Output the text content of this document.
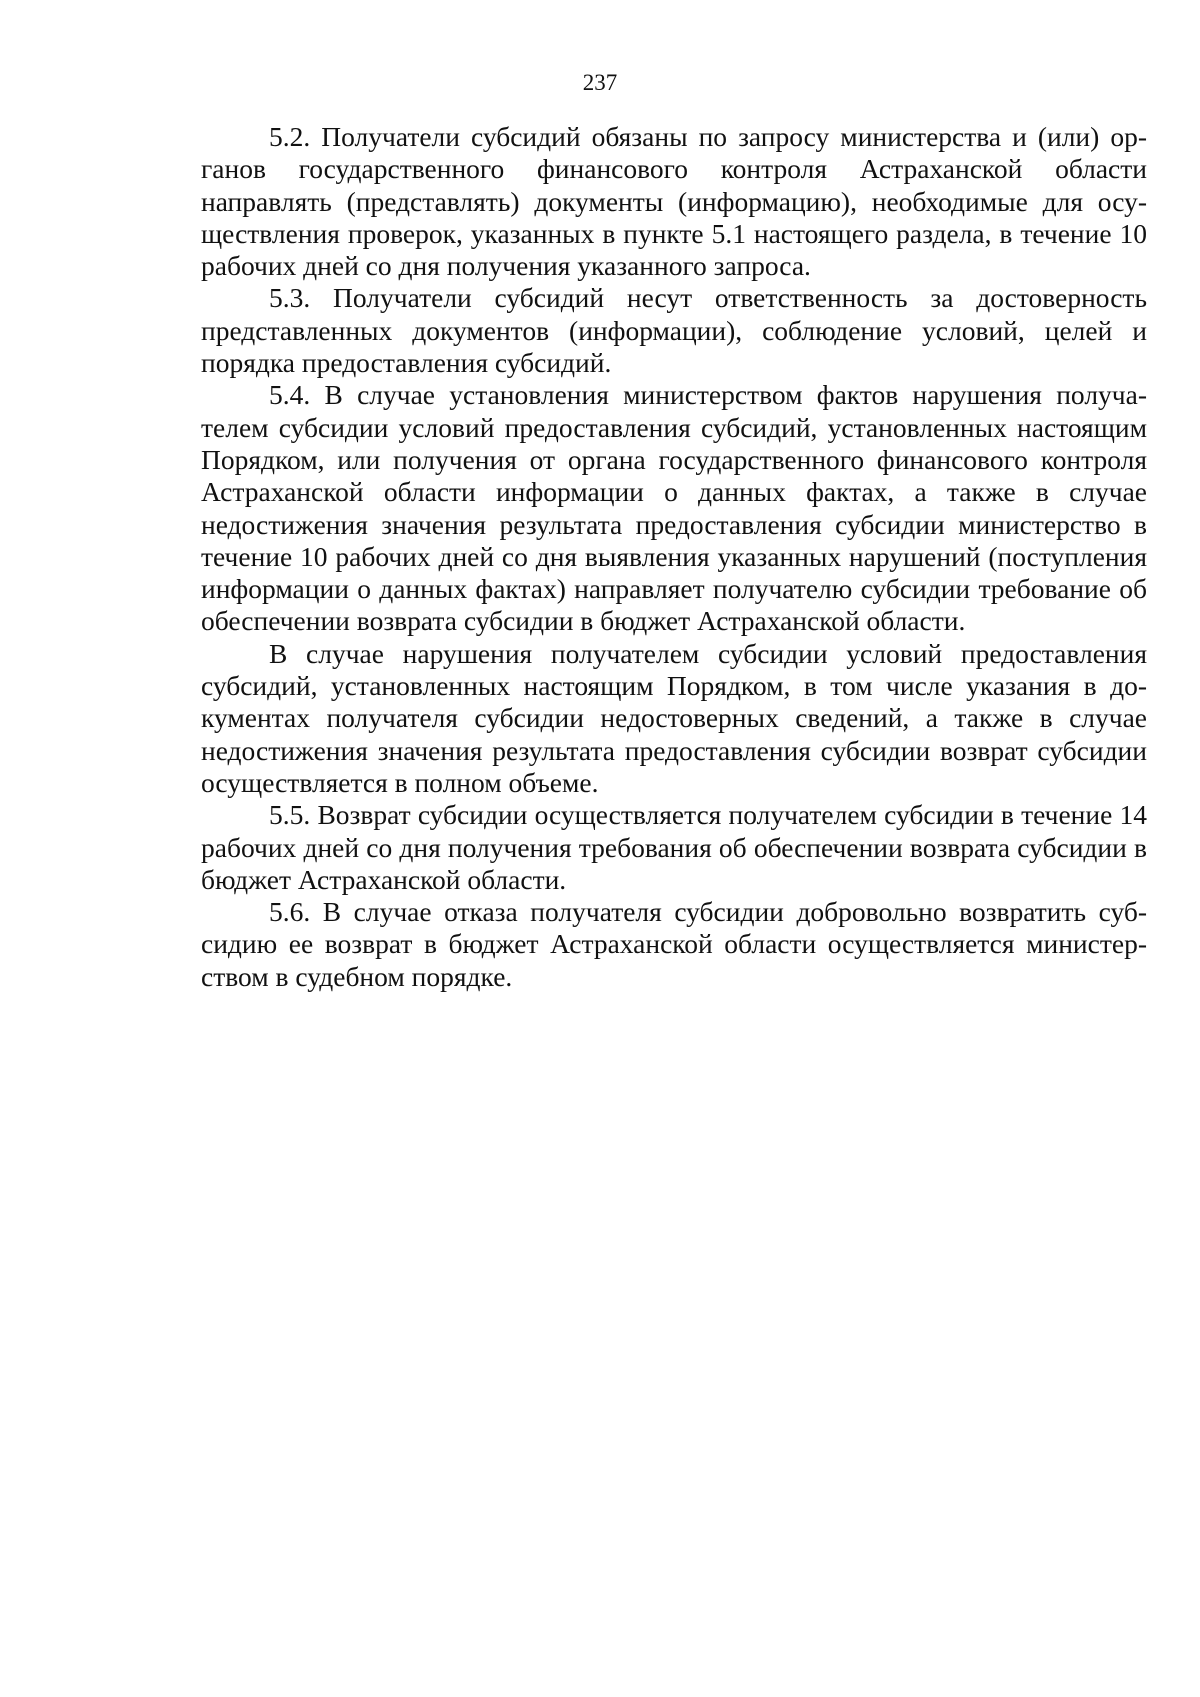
237

5.2. Получатели субсидий обязаны по запросу министерства и (или) органов государственного финансового контроля Астраханской области направлять (представлять) документы (информацию), необходимые для осуществления проверок, указанных в пункте 5.1 настоящего раздела, в течение 10 рабочих дней со дня получения указанного запроса.

5.3. Получатели субсидий несут ответственность за достоверность представленных документов (информации), соблюдение условий, целей и порядка предоставления субсидий.

5.4. В случае установления министерством фактов нарушения получателем субсидии условий предоставления субсидий, установленных настоящим Порядком, или получения от органа государственного финансового контроля Астраханской области информации о данных фактах, а также в случае недостижения значения результата предоставления субсидии министерство в течение 10 рабочих дней со дня выявления указанных нарушений (поступления информации о данных фактах) направляет получателю субсидии требование об обеспечении возврата субсидии в бюджет Астраханской области.

В случае нарушения получателем субсидии условий предоставления субсидий, установленных настоящим Порядком, в том числе указания в документах получателя субсидии недостоверных сведений, а также в случае недостижения значения результата предоставления субсидии возврат субсидии осуществляется в полном объеме.

5.5. Возврат субсидии осуществляется получателем субсидии в течение 14 рабочих дней со дня получения требования об обеспечении возврата субсидии в бюджет Астраханской области.

5.6. В случае отказа получателя субсидии добровольно возвратить субсидию ее возврат в бюджет Астраханской области осуществляется министерством в судебном порядке.
